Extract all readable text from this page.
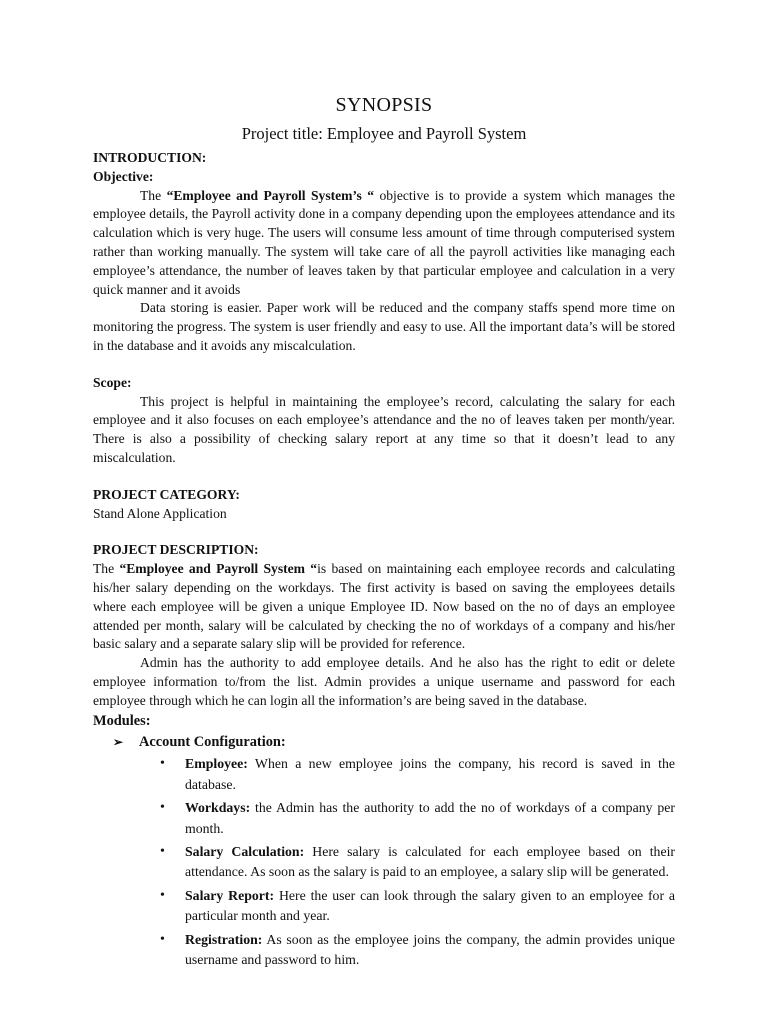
SYNOPSIS
Project title: Employee and Payroll System
INTRODUCTION:
Objective:

The “Employee and Payroll System’s “ objective is to provide a system which manages the employee details, the Payroll activity done in a company depending upon the employees attendance and its calculation which is very huge. The users will consume less amount of time through computerised system rather than working manually. The system will take care of all the payroll activities like managing each employee’s attendance, the number of leaves taken by that particular employee and calculation in a very quick manner and it avoids

Data storing is easier. Paper work will be reduced and the company staffs spend more time on monitoring the progress. The system is user friendly and easy to use. All the important data’s will be stored in the database and it avoids any miscalculation.

Scope:

This project is helpful in maintaining the employee’s record, calculating the salary for each employee and it also focuses on each employee’s attendance and the no of leaves taken per month/year. There is also a possibility of checking salary report at any time so that it doesn’t lead to any miscalculation.

PROJECT CATEGORY:

Stand Alone Application

PROJECT DESCRIPTION:

The “Employee and Payroll System “is based on maintaining each employee records and calculating his/her salary depending on the workdays. The first activity is based on saving the employees details where each employee will be given a unique Employee ID. Now based on the no of days an employee attended per month, salary will be calculated by checking the no of workdays of a company and his/her basic salary and a separate salary slip will be provided for reference.

Admin has the authority to add employee details. And he also has the right to edit or delete employee information to/from the list. Admin provides a unique username and password for each employee through which he can login all the information’s are being saved in the database.

Modules:
➢ Account Configuration:
• Employee: When a new employee joins the company, his record is saved in the database.
• Workdays: the Admin has the authority to add the no of workdays of a company per month.
• Salary Calculation: Here salary is calculated for each employee based on their attendance. As soon as the salary is paid to an employee, a salary slip will be generated.
• Salary Report: Here the user can look through the salary given to an employee for a particular month and year.
• Registration: As soon as the employee joins the company, the admin provides unique username and password to him.
